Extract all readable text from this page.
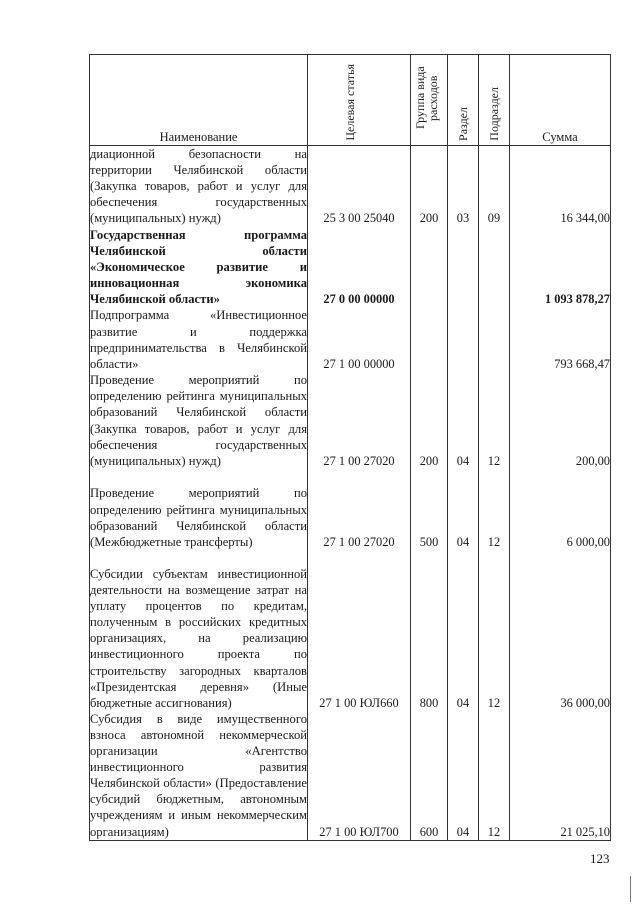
Наименование	Целевая статья	Группа вида расходов	Раздел	Подраздел	Сумма
диационной безопасности на территории Челябинской области (Закупка товаров, работ и услуг для обеспечения государственных (муниципальных) нужд)	25 3 00 25040	200	03	09	16 344,00
Государственная программа Челябинской области «Экономическое развитие и инновационная экономика Челябинской области»	27 0 00 00000				1 093 878,27
Подпрограмма «Инвестиционное развитие и поддержка предпринимательства в Челябинской области»	27 1 00 00000				793 668,47
Проведение мероприятий по определению рейтинга муниципальных образований Челябинской области (Закупка товаров, работ и услуг для обеспечения государственных (муниципальных) нужд)	27 1 00 27020	200	04	12	200,00
Проведение мероприятий по определению рейтинга муниципальных образований Челябинской области (Межбюджетные трансферты)	27 1 00 27020	500	04	12	6 000,00
Субсидии субъектам инвестиционной деятельности на возмещение затрат на уплату процентов по кредитам, полученным в российских кредитных организациях, на реализацию инвестиционного проекта по строительству загородных кварталов «Президентская деревня» (Иные бюджетные ассигнования)	27 1 00 ЮЛ660	800	04	12	36 000,00
Субсидия в виде имущественного взноса автономной некоммерческой организации «Агентство инвестиционного развития Челябинской области» (Предоставление субсидий бюджетным, автономным учреждениям и иным некоммерческим организациям)	27 1 00 ЮЛ700	600	04	12	21 025,10
123
